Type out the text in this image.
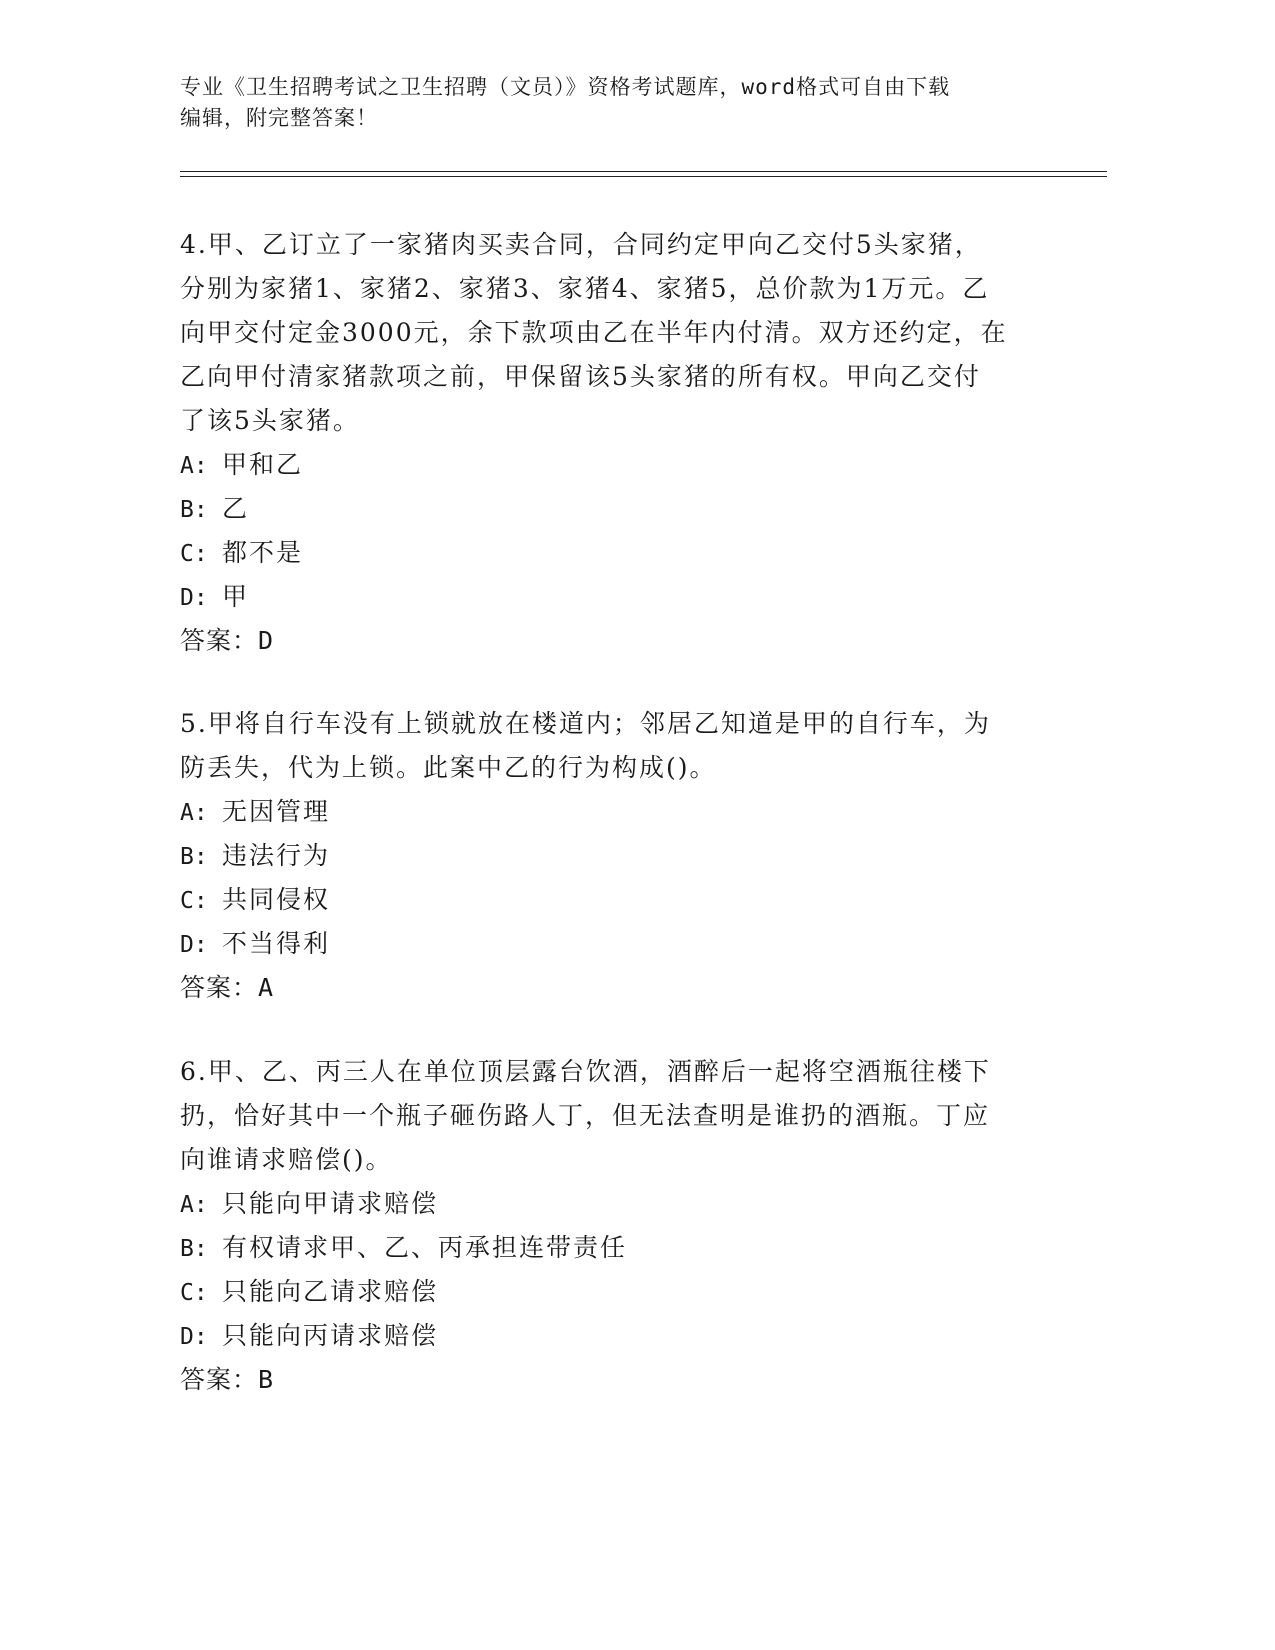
专业《卫生招聘考试之卫生招聘（文员）》资格考试题库，word格式可自由下载
编辑，附完整答案！
4.甲、乙订立了一家猪肉买卖合同，合同约定甲向乙交付5头家猪，
分别为家猪1、家猪2、家猪3、家猪4、家猪5，总价款为1万元。乙
向甲交付定金3000元，余下款项由乙在半年内付清。双方还约定，在
乙向甲付清家猪款项之前，甲保留该5头家猪的所有权。甲向乙交付
了该5头家猪。
A: 甲和乙
B: 乙
C: 都不是
D: 甲
答案：D
5.甲将自行车没有上锁就放在楼道内；邻居乙知道是甲的自行车，为
防丢失，代为上锁。此案中乙的行为构成()。
A: 无因管理
B: 违法行为
C: 共同侵权
D: 不当得利
答案：A
6.甲、乙、丙三人在单位顶层露台饮酒，酒醉后一起将空酒瓶往楼下
扔，恰好其中一个瓶子砸伤路人丁，但无法查明是谁扔的酒瓶。丁应
向谁请求赔偿()。
A: 只能向甲请求赔偿
B: 有权请求甲、乙、丙承担连带责任
C: 只能向乙请求赔偿
D: 只能向丙请求赔偿
答案：B
